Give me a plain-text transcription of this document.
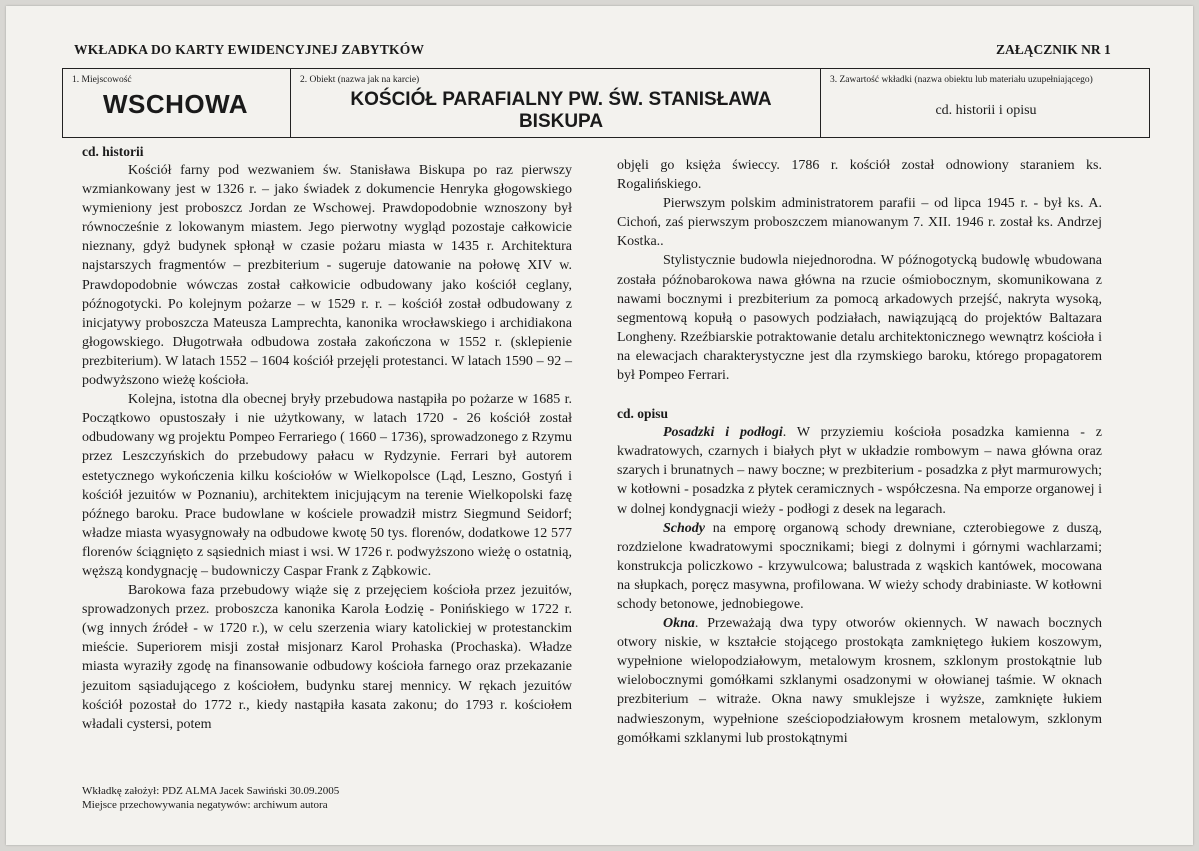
WKŁADKA DO KARTY EWIDENCYJNEJ ZABYTKÓW	ZAŁĄCZNIK NR 1
1. Miejscowość
WSCHOWA
2. Obiekt (nazwa jak na karcie)
KOŚCIÓŁ PARAFIALNY PW. ŚW. STANISŁAWA BISKUPA
3. Zawartość wkładki (nazwa obiektu lub materiału uzupełniającego)
cd. historii i opisu
cd. historii

Kościół farny pod wezwaniem św. Stanisława Biskupa po raz pierwszy wzmiankowany jest w 1326 r. – jako świadek z dokumencie Henryka głogowskiego wymieniony jest proboszcz Jordan ze Wschowej. Prawdopodobnie wznoszony był równocześnie z lokowanym miastem. Jego pierwotny wygląd pozostaje całkowicie nieznany, gdyż budynek spłonął w czasie pożaru miasta w 1435 r. Architektura najstarszych fragmentów – prezbiterium - sugeruje datowanie na połowę XIV w. Prawdopodobnie wówczas został całkowicie odbudowany jako kościół ceglany, późnogotycki. Po kolejnym pożarze – w 1529 r. r. – kościół został odbudowany z inicjatywy proboszcza Mateusza Lamprechta, kanonika wrocławskiego i archidiakona głogowskiego. Długotrwała odbudowa została zakończona w 1552 r. (sklepienie prezbiterium). W latach 1552 – 1604 kościół przejęli protestanci. W latach 1590 – 92 – podwyższono wieżę kościoła.

Kolejna, istotna dla obecnej bryły przebudowa nastąpiła po pożarze w 1685 r. Początkowo opustoszały i nie użytkowany, w latach 1720 - 26 kościół został odbudowany wg projektu Pompeo Ferrariego ( 1660 – 1736), sprowadzonego z Rzymu przez Leszczyńskich do przebudowy pałacu w Rydzynie. Ferrari był autorem estetycznego wykończenia kilku kościołów w Wielkopolsce (Ląd, Leszno, Gostyń i kościół jezuitów w Poznaniu), architektem inicjującym na terenie Wielkopolski fazę późnego baroku. Prace budowlane w kościele prowadził mistrz Siegmund Seidorf; władze miasta wyasygnowały na odbudowe kwotę 50 tys. florenów, dodatkowe 12 577 florenów ściągnięto z sąsiednich miast i wsi. W 1726 r. podwyższono wieżę o ostatnią, węższą kondygnację – budowniczy Caspar Frank z Ząbkowic.

Barokowa faza przebudowy wiąże się z przejęciem kościoła przez jezuitów, sprowadzonych przez. proboszcza kanonika Karola Łodzię - Ponińskiego w 1722 r. (wg innych źródeł - w 1720 r.), w celu szerzenia wiary katolickiej w protestanckim mieście. Superiorem misji został misjonarz Karol Prohaska (Prochaska). Władze miasta wyraziły zgodę na finansowanie odbudowy kościoła farnego oraz przekazanie jezuitom sąsiadującego z kościołem, budynku starej mennicy. W rękach jezuitów kościół pozostał do 1772 r., kiedy nastąpiła kasata zakonu; do 1793 r. kościołem władali cystersi, potem

objęli go księża świeccy. 1786 r. kościół został odnowiony staraniem ks. Rogalińskiego.

Pierwszym polskim administratorem parafii – od lipca 1945 r. - był ks. A. Cichoń, zaś pierwszym proboszczem mianowanym 7. XII. 1946 r. został ks. Andrzej Kostka..

Stylistycznie budowla niejednorodna. W późnogotycką budowlę wbudowana została późnobarokowa nawa główna na rzucie ośmiobocznym, skomunikowana z nawami bocznymi i prezbiterium za pomocą arkadowych przejść, nakryta wysoką, segmentową kopułą o pasowych podziałach, nawiązującą do projektów Baltazara Longheny. Rzeźbiarskie potraktowanie detalu architektonicznego wewnątrz kościoła i na elewacjach charakterystyczne jest dla rzymskiego baroku, którego propagatorem był Pompeo Ferrari.

cd. opisu

Posadzki i podłogi. W przyziemiu kościoła posadzka kamienna - z kwadratowych, czarnych i białych płyt w układzie rombowym – nawa główna oraz szarych i brunatnych – nawy boczne; w prezbiterium - posadzka z płyt marmurowych; w kotłowni - posadzka z płytek ceramicznych - współczesna. Na emporze organowej i w dolnej kondygnacji wieży - podłogi z desek na legarach.

Schody na emporę organową schody drewniane, czterobiegowe z duszą, rozdzielone kwadratowymi spocznikami; biegi z dolnymi i górnymi wachlarzami; konstrukcja policzkowo - krzywulcowa; balustrada z wąskich kantówek, mocowana na słupkach, poręcz masywna, profilowana. W wieży schody drabiniaste. W kotłowni schody betonowe, jednobiegowe.

Okna. Przeważają dwa typy otworów okiennych. W nawach bocznych otwory niskie, w kształcie stojącego prostokąta zamkniętego łukiem koszowym, wypełnione wielopodziałowym, metalowym krosnem, szklonym prostokątnie lub wielobocznymi gomółkami szklanymi osadzonymi w ołowianej taśmie. W oknach prezbiterium – witraże. Okna nawy smuklejsze i wyższe, zamknięte łukiem nadwieszonym, wypełnione sześciopodziałowym krosnem metalowym, szklonym gomółkami szklanymi lub prostokątnymi

Wkładkę założył: PDZ ALMA Jacek Sawiński 30.09.2005
Miejsce przechowywania negatywów: archiwum autora
